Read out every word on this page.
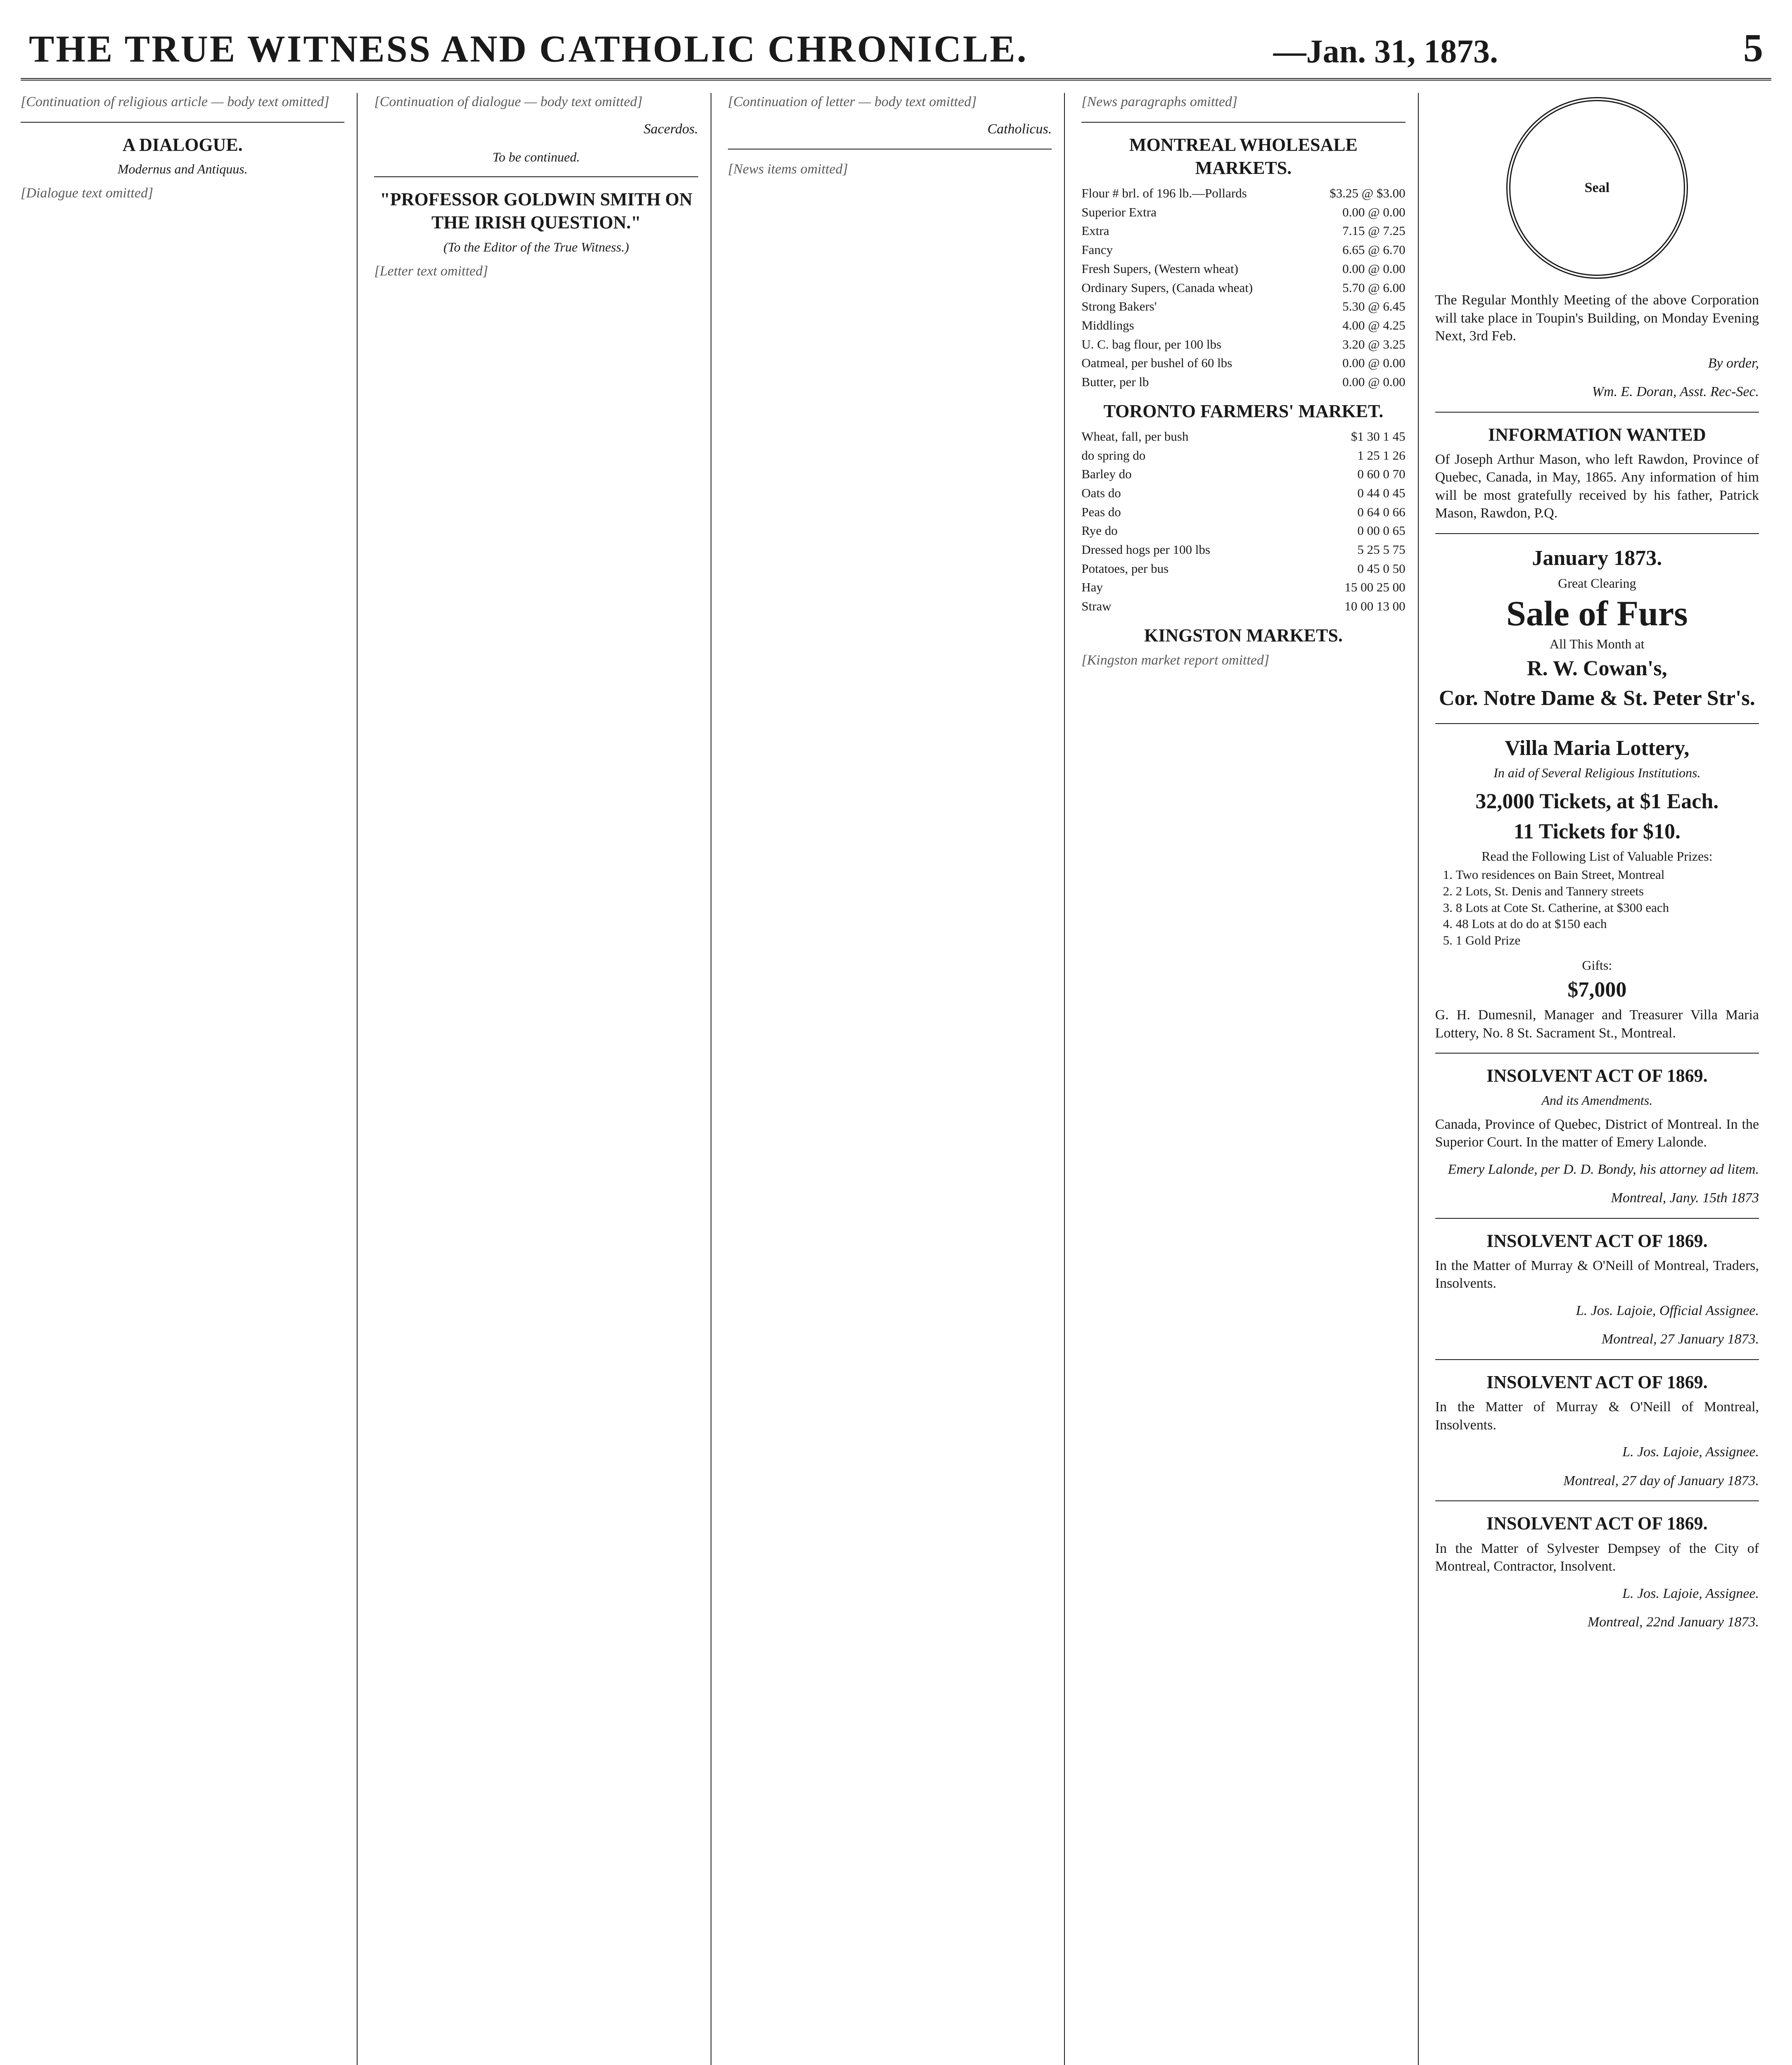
THE TRUE WITNESS AND CATHOLIC CHRONICLE.	—Jan. 31, 1873.	5

[Continuation of religious article — body text omitted]

A DIALOGUE.
Modernus and Antiquus.

[Dialogue text omitted]

[Continuation of dialogue — body text omitted]

Sacerdos.
To be continued.
"PROFESSOR GOLDWIN SMITH ON THE IRISH QUESTION."
(To the Editor of the True Witness.)

[Letter text omitted]

[Continuation of letter — body text omitted]

Catholicus.

[News items omitted]

[News paragraphs omitted]

MONTREAL WHOLESALE MARKETS.
Flour # brl. of 196 lb.—Pollards	$3.25 @ $3.00
Superior Extra	0.00 @ 0.00
Extra	7.15 @ 7.25
Fancy	6.65 @ 6.70
Fresh Supers, (Western wheat)	0.00 @ 0.00
Ordinary Supers, (Canada wheat)	5.70 @ 6.00
Strong Bakers'	5.30 @ 6.45
Middlings	4.00 @ 4.25
U. C. bag flour, per 100 lbs	3.20 @ 3.25
Oatmeal, per bushel of 60 lbs	0.00 @ 0.00
Butter, per lb	0.00 @ 0.00
TORONTO FARMERS' MARKET.
Wheat, fall, per bush	$1 30 1 45
do spring do	1 25 1 26
Barley do	0 60 0 70
Oats do	0 44 0 45
Peas do	0 64 0 66
Rye do	0 00 0 65
Dressed hogs per 100 lbs	5 25 5 75
Potatoes, per bus	0 45 0 50
Hay	15 00 25 00
Straw	10 00 13 00
KINGSTON MARKETS.

[Kingston market report omitted]

Seal

The Regular Monthly Meeting of the above Corporation will take place in Toupin's Building, on Monday Evening Next, 3rd Feb.

By order,
Wm. E. Doran, Asst. Rec-Sec.
INFORMATION WANTED

Of Joseph Arthur Mason, who left Rawdon, Province of Quebec, Canada, in May, 1865. Any information of him will be most gratefully received by his father, Patrick Mason, Rawdon, P.Q.

January 1873.
Great Clearing
Sale of Furs
All This Month at
R. W. Cowan's,
Cor. Notre Dame & St. Peter Str's.
Villa Maria Lottery,
In aid of Several Religious Institutions.
32,000 Tickets, at $1 Each.
11 Tickets for $10.
Read the Following List of Valuable Prizes:
1. Two residences on Bain Street, Montreal
2. 2 Lots, St. Denis and Tannery streets
3. 8 Lots at Cote St. Catherine, at $300 each
4. 48 Lots at do do at $150 each
5. 1 Gold Prize
Gifts:
$7,000

G. H. Dumesnil, Manager and Treasurer Villa Maria Lottery, No. 8 St. Sacrament St., Montreal.

INSOLVENT ACT OF 1869.
And its Amendments.

Canada, Province of Quebec, District of Montreal. In the Superior Court. In the matter of Emery Lalonde.

Emery Lalonde, per D. D. Bondy, his attorney ad litem.
Montreal, Jany. 15th 1873
INSOLVENT ACT OF 1869.

In the Matter of Murray & O'Neill of Montreal, Traders, Insolvents.

L. Jos. Lajoie, Official Assignee.
Montreal, 27 January 1873.
INSOLVENT ACT OF 1869.

In the Matter of Murray & O'Neill of Montreal, Insolvents.

L. Jos. Lajoie, Assignee.
Montreal, 27 day of January 1873.
INSOLVENT ACT OF 1869.

In the Matter of Sylvester Dempsey of the City of Montreal, Contractor, Insolvent.

L. Jos. Lajoie, Assignee.
Montreal, 22nd January 1873.
